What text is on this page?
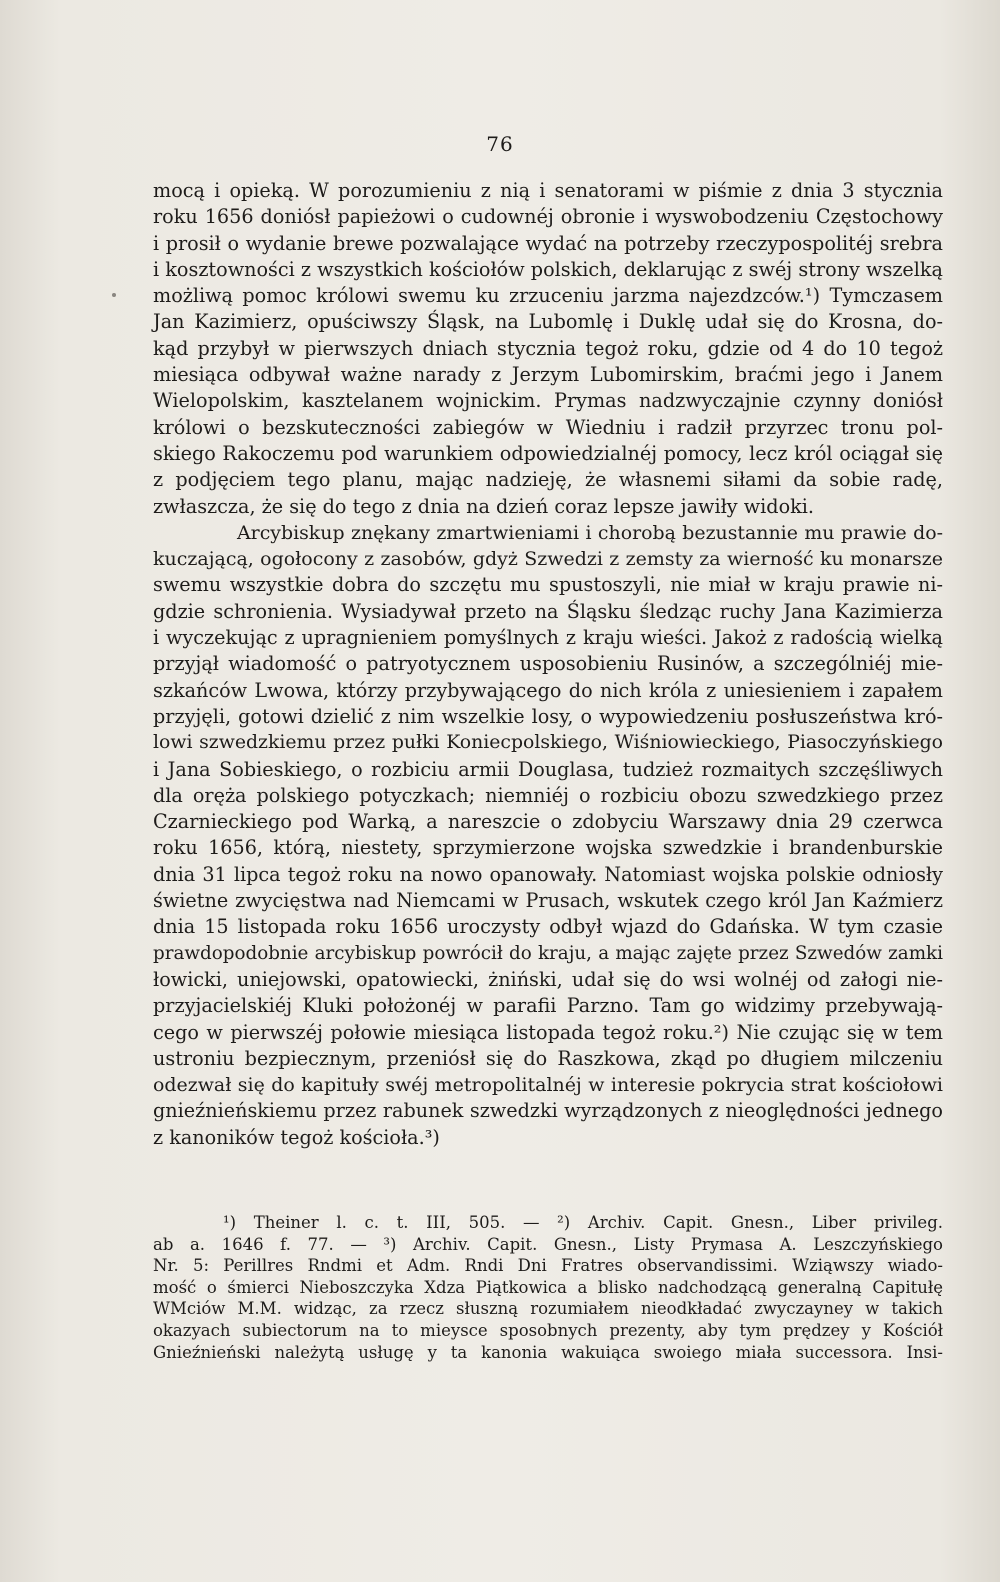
76
mocą i opieką. W porozumieniu z nią i senatorami w piśmie z dnia 3 stycznia
roku 1656 doniósł papieżowi o cudownéj obronie i wyswobodzeniu Częstochowy
i prosił o wydanie brewe pozwalające wydać na potrzeby rzeczypospolitéj srebra
i kosztowności z wszystkich kościołów polskich, deklarując z swéj strony wszelką
możliwą pomoc królowi swemu ku zrzuceniu jarzma najezdzców.¹) Tymczasem
Jan Kazimierz, opuściwszy Śląsk, na Lubomlę i Duklę udał się do Krosna, do-
kąd przybył w pierwszych dniach stycznia tegoż roku, gdzie od 4 do 10 tegoż
miesiąca odbywał ważne narady z Jerzym Lubomirskim, braćmi jego i Janem
Wielopolskim, kasztelanem wojnickim. Prymas nadzwyczajnie czynny doniósł
królowi o bezskuteczności zabiegów w Wiedniu i radził przyrzec tronu pol-
skiego Rakoczemu pod warunkiem odpowiedzialnéj pomocy, lecz król ociągał się
z podjęciem tego planu, mając nadzieję, że własnemi siłami da sobie radę,
zwłaszcza, że się do tego z dnia na dzień coraz lepsze jawiły widoki.
Arcybiskup znękany zmartwieniami i chorobą bezustannie mu prawie do-
kuczającą, ogołocony z zasobów, gdyż Szwedzi z zemsty za wierność ku monarsze
swemu wszystkie dobra do szczętu mu spustoszyli, nie miał w kraju prawie ni-
gdzie schronienia. Wysiadywał przeto na Śląsku śledząc ruchy Jana Kazimierza
i wyczekując z upragnieniem pomyślnych z kraju wieści. Jakoż z radością wielką
przyjął wiadomość o patryotycznem usposobieniu Rusinów, a szczególniéj mie-
szkańców Lwowa, którzy przybywającego do nich króla z uniesieniem i zapałem
przyjęli, gotowi dzielić z nim wszelkie losy, o wypowiedzeniu posłuszeństwa kró-
lowi szwedzkiemu przez pułki Koniecpolskiego, Wiśniowieckiego, Piasoczyńskiego
i Jana Sobieskiego, o rozbiciu armii Douglasa, tudzież rozmaitych szczęśliwych
dla oręża polskiego potyczkach; niemniéj o rozbiciu obozu szwedzkiego przez
Czarnieckiego pod Warką, a nareszcie o zdobyciu Warszawy dnia 29 czerwca
roku 1656, którą, niestety, sprzymierzone wojska szwedzkie i brandenburskie
dnia 31 lipca tegoż roku na nowo opanowały. Natomiast wojska polskie odniosły
świetne zwycięstwa nad Niemcami w Prusach, wskutek czego król Jan Kaźmierz
dnia 15 listopada roku 1656 uroczysty odbył wjazd do Gdańska. W tym czasie
prawdopodobnie arcybiskup powrócił do kraju, a mając zajęte przez Szwedów zamki
łowicki, uniejowski, opatowiecki, żniński, udał się do wsi wolnéj od załogi nie-
przyjacielskiéj Kluki położonéj w parafii Parzno. Tam go widzimy przebywają-
cego w pierwszéj połowie miesiąca listopada tegoż roku.²) Nie czując się w tem
ustroniu bezpiecznym, przeniósł się do Raszkowa, zkąd po długiem milczeniu
odezwał się do kapituły swéj metropolitalnéj w interesie pokrycia strat kościołowi
gnieźnieńskiemu przez rabunek szwedzki wyrządzonych z nieoględności jednego
z kanoników tegoż kościoła.³)
¹) Theiner l. c. t. III, 505. — ²) Archiv. Capit. Gnesn., Liber privileg.
ab a. 1646 f. 77. — ³) Archiv. Capit. Gnesn., Listy Prymasa A. Leszczyńskiego
Nr. 5: Perillres Rndmi et Adm. Rndi Dni Fratres observandissimi. Wziąwszy wiado-
mość o śmierci Nieboszczyka Xdza Piątkowica a blisko nadchodzącą generalną Capitułę
WMciów M.M. widząc, za rzecz słuszną rozumiałem nieodkładać zwyczayney w takich
okazyach subiectorum na to mieysce sposobnych prezenty, aby tym prędzey y Kościół
Gnieźnieński należytą usługę y ta kanonia wakuiąca swoiego miała successora. Insi-
